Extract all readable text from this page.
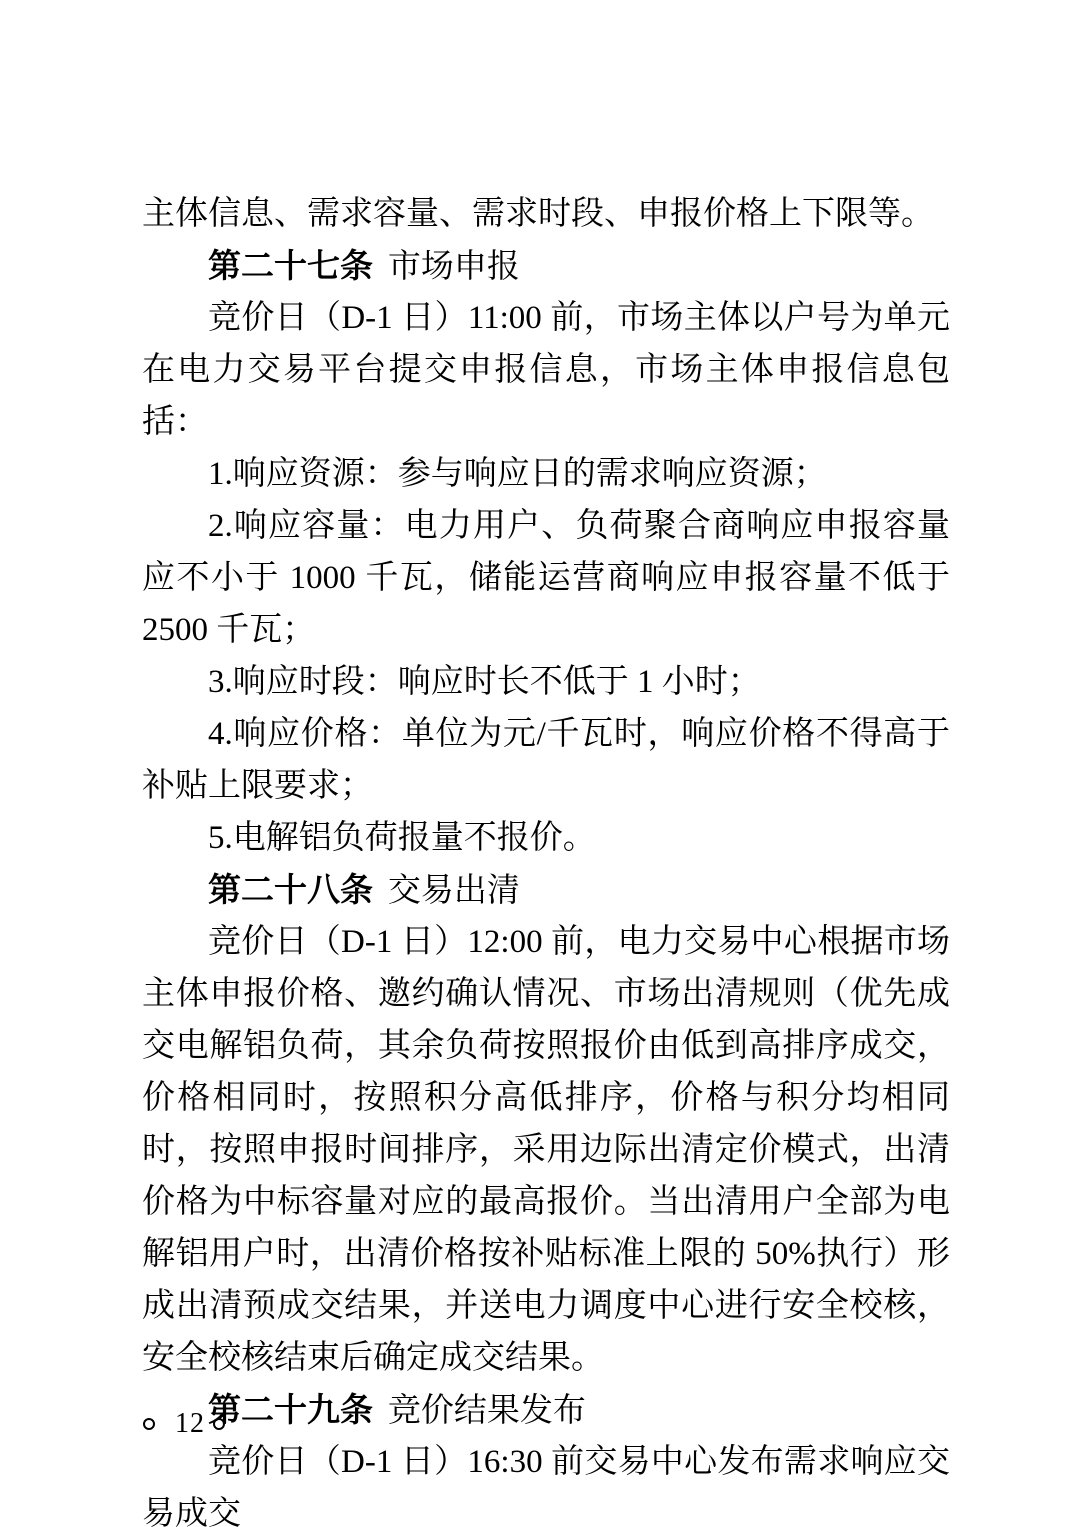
主体信息、需求容量、需求时段、申报价格上下限等。

第二十七条 市场申报

竞价日（D-1 日）11:00 前，市场主体以户号为单元在电力交易平台提交申报信息，市场主体申报信息包括：

1.响应资源：参与响应日的需求响应资源；

2.响应容量：电力用户、负荷聚合商响应申报容量应不小于 1000 千瓦，储能运营商响应申报容量不低于 2500 千瓦；

3.响应时段：响应时长不低于 1 小时；

4.响应价格：单位为元/千瓦时，响应价格不得高于补贴上限要求；

5.电解铝负荷报量不报价。

第二十八条 交易出清

竞价日（D-1 日）12:00 前，电力交易中心根据市场主体申报价格、邀约确认情况、市场出清规则（优先成交电解铝负荷，其余负荷按照报价由低到高排序成交，价格相同时，按照积分高低排序，价格与积分均相同时，按照申报时间排序，采用边际出清定价模式，出清价格为中标容量对应的最高报价。当出清用户全部为电解铝用户时，出清价格按补贴标准上限的 50%执行）形成出清预成交结果，并送电力调度中心进行安全校核，安全校核结束后确定成交结果。

第二十九条 竞价结果发布

竞价日（D-1 日）16:30 前交易中心发布需求响应交易成交

12
